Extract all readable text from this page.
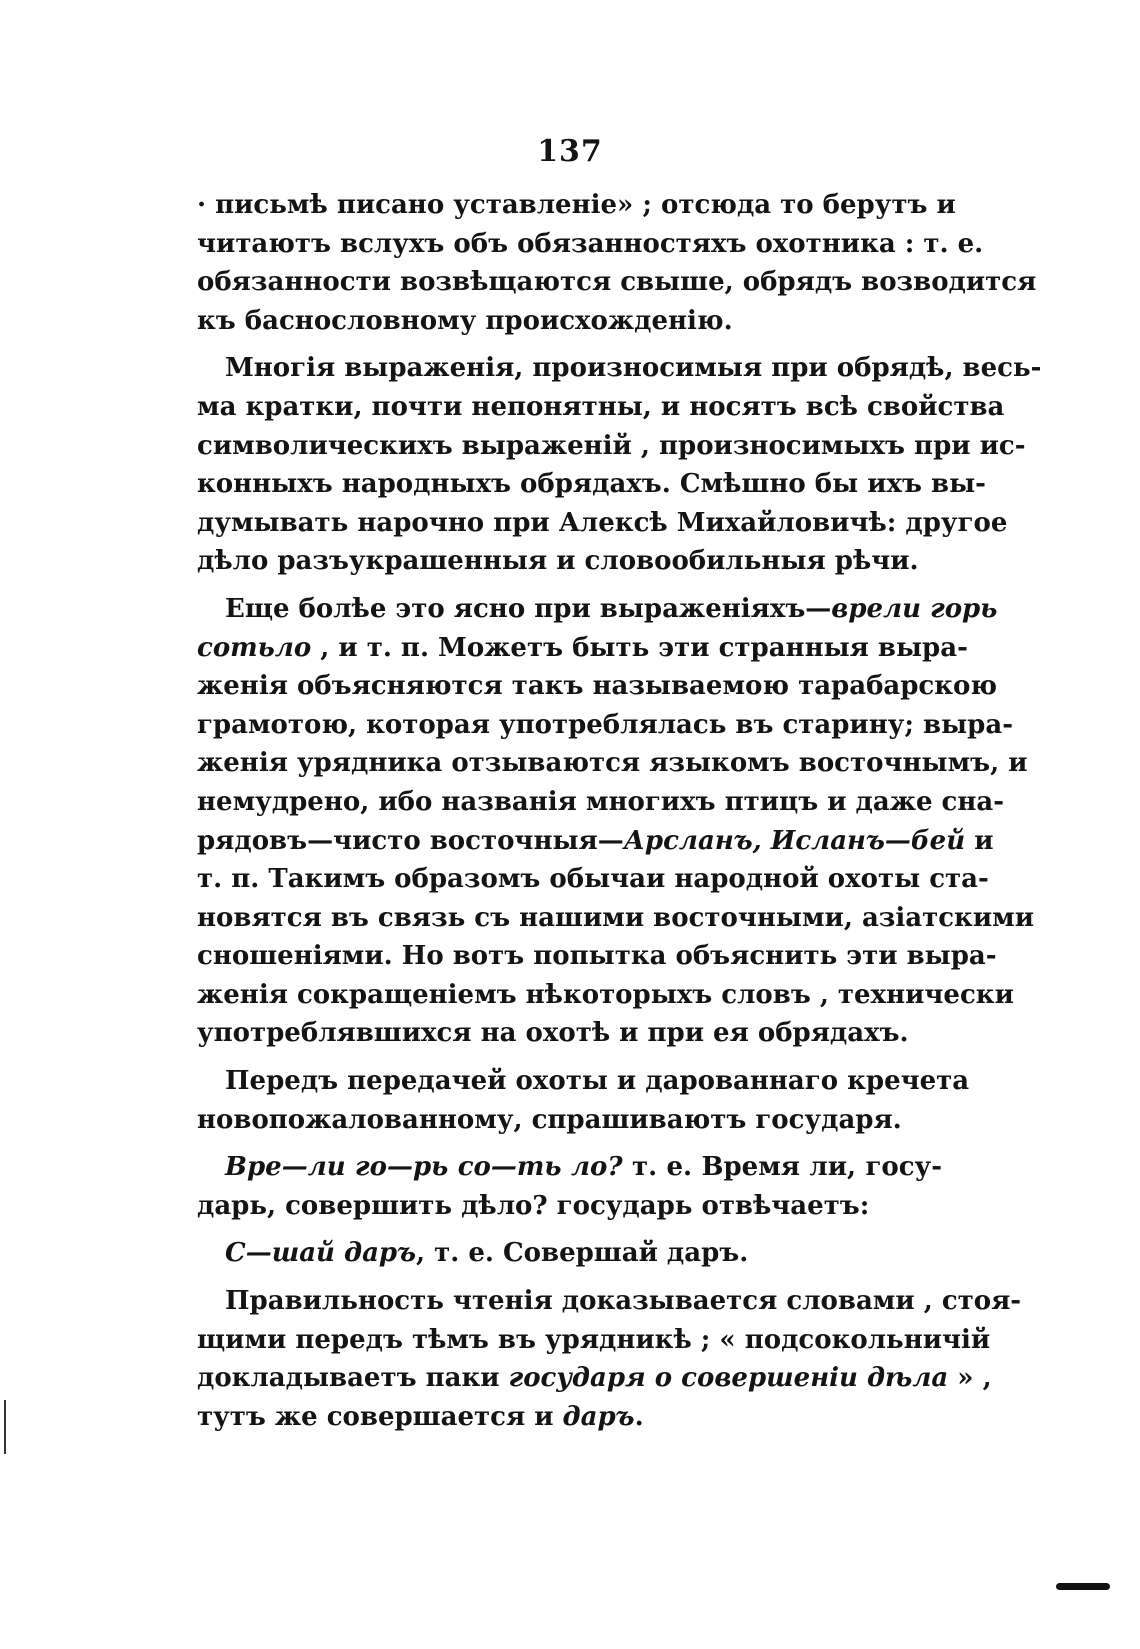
137
· письмѣ писано уставленіе» ; отсюда то берутъ и
читаютъ вслухъ объ обязанностяхъ охотника : т. е.
обязанности возвѣщаются свыше, обрядъ возводится
къ баснословному происхожденію.
Многія выраженія, произносимыя при обрядѣ, весь-
ма кратки, почти непонятны, и носятъ всѣ свойства
символическихъ выраженій , произносимыхъ при ис-
конныхъ народныхъ обрядахъ. Смѣшно бы ихъ вы-
думывать нарочно при Алексѣ Михайловичѣ: другое
дѣло разъукрашенныя и словообильныя рѣчи.
Еще болѣе это ясно при выраженіяхъ—врели горь
сотьло , и т. п. Можетъ быть эти странныя выра-
женія объясняются такъ называемою тарабарскою
грамотою, которая употреблялась въ старину; выра-
женія урядника отзываются языкомъ восточнымъ, и
немудрено, ибо названія многихъ птицъ и даже сна-
рядовъ—чисто восточныя—Арсланъ, Исланъ—бей и
т. п. Такимъ образомъ обычаи народной охоты ста-
новятся въ связь съ нашими восточными, азіатскими
сношеніями. Но вотъ попытка объяснить эти выра-
женія сокращеніемъ нѣкоторыхъ словъ , технически
употреблявшихся на охотѣ и при ея обрядахъ.
Передъ передачей охоты и дарованнаго кречета
новопожалованному, спрашиваютъ государя.
Вре—ли го—рь со—ть ло? т. е. Время ли, госу-
дарь, совершить дѣло? государь отвѣчаетъ:
С—шай даръ, т. е. Совершай даръ.
Правильность чтенія доказывается словами , стоя-
щими передъ тѣмъ въ урядникѣ ; « подсокольничій
докладываетъ паки государя о совершеніи дѣла » ,
тутъ же совершается и даръ.
